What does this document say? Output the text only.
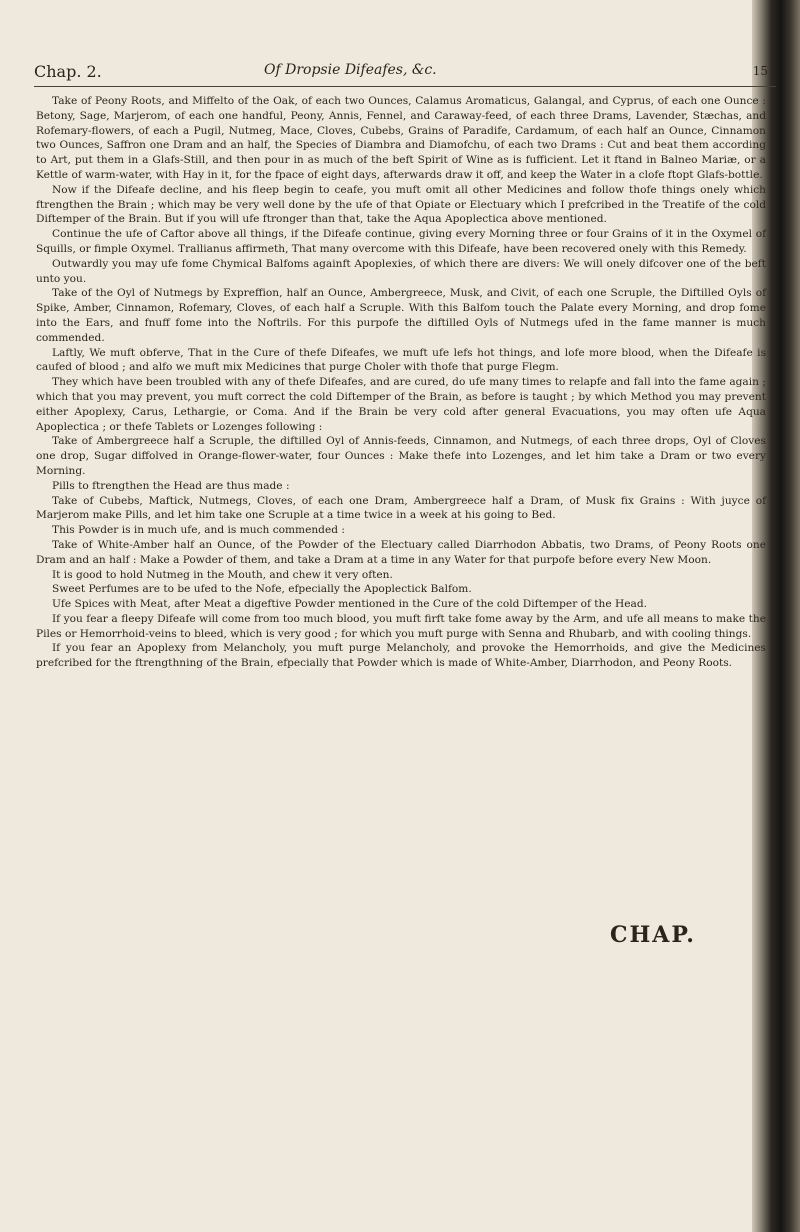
Chap. 2.	Of Dropsie Difeafes, &c.	15

Take of Peony Roots, and Miffelto of the Oak, of each two Ounces, Calamus Aromaticus, Galangal, and Cyprus, of each one Ounce : Betony, Sage, Marjerom, of each one handful, Peony, Annis, Fennel, and Caraway-feed, of each three Drams, Lavender, Stæchas, and Rofemary-flowers, of each a Pugil, Nutmeg, Mace, Cloves, Cubebs, Grains of Paradife, Cardamum, of each half an Ounce, Cinnamon two Ounces, Saffron one Dram and an half, the Species of Diambra and Diamofchu, of each two Drams : Cut and beat them according to Art, put them in a Glafs-Still, and then pour in as much of the beft Spirit of Wine as is fufficient. Let it ftand in Balneo Mariæ, or a Kettle of warm-water, with Hay in it, for the fpace of eight days, afterwards draw it off, and keep the Water in a clofe ftopt Glafs-bottle.

Now if the Difeafe decline, and his fleep begin to ceafe, you muft omit all other Medicines and follow thofe things onely which ftrengthen the Brain ; which may be very well done by the ufe of that Opiate or Electuary which I prefcribed in the Treatife of the cold Diftemper of the Brain. But if you will ufe ftronger than that, take the Aqua Apoplectica above mentioned.

Continue the ufe of Caftor above all things, if the Difeafe continue, giving every Morning three or four Grains of it in the Oxymel of Squills, or fimple Oxymel. Trallianus affirmeth, That many overcome with this Difeafe, have been recovered onely with this Remedy.

Outwardly you may ufe fome Chymical Balfoms againft Apoplexies, of which there are divers: We will onely difcover one of the beft unto you.

Take of the Oyl of Nutmegs by Expreffion, half an Ounce, Ambergreece, Musk, and Civit, of each one Scruple, the Diftilled Oyls of Spike, Amber, Cinnamon, Rofemary, Cloves, of each half a Scruple. With this Balfom touch the Palate every Morning, and drop fome into the Ears, and fnuff fome into the Noftrils. For this purpofe the diftilled Oyls of Nutmegs ufed in the fame manner is much commended.

Laftly, We muft obferve, That in the Cure of thefe Difeafes, we muft ufe lefs hot things, and lofe more blood, when the Difeafe is caufed of blood ; and alfo we muft mix Medicines that purge Choler with thofe that purge Flegm.

They which have been troubled with any of thefe Difeafes, and are cured, do ufe many times to relapfe and fall into the fame again ; which that you may prevent, you muft correct the cold Diftemper of the Brain, as before is taught ; by which Method you may prevent either Apoplexy, Carus, Lethargie, or Coma. And if the Brain be very cold after general Evacuations, you may often ufe Aqua Apoplectica ; or thefe Tablets or Lozenges following :

Take of Ambergreece half a Scruple, the diftilled Oyl of Annis-feeds, Cinnamon, and Nutmegs, of each three drops, Oyl of Cloves one drop, Sugar diffolved in Orange-flower-water, four Ounces : Make thefe into Lozenges, and let him take a Dram or two every Morning.

Pills to ftrengthen the Head are thus made :

Take of Cubebs, Maftick, Nutmegs, Cloves, of each one Dram, Ambergreece half a Dram, of Musk fix Grains : With juyce of Marjerom make Pills, and let him take one Scruple at a time twice in a week at his going to Bed.

This Powder is in much ufe, and is much commended :

Take of White-Amber half an Ounce, of the Powder of the Electuary called Diarrhodon Abbatis, two Drams, of Peony Roots one Dram and an half : Make a Powder of them, and take a Dram at a time in any Water for that purpofe before every New Moon.

It is good to hold Nutmeg in the Mouth, and chew it very often.

Sweet Perfumes are to be ufed to the Nofe, efpecially the Apoplectick Balfom.

Ufe Spices with Meat, after Meat a digeftive Powder mentioned in the Cure of the cold Diftemper of the Head.

If you fear a fleepy Difeafe will come from too much blood, you muft firft take fome away by the Arm, and ufe all means to make the Piles or Hemorrhoid-veins to bleed, which is very good ; for which you muft purge with Senna and Rhubarb, and with cooling things.

If you fear an Apoplexy from Melancholy, you muft purge Melancholy, and provoke the Hemorrhoids, and give the Medicines prefcribed for the ftrengthning of the Brain, efpecially that Powder which is made of White-Amber, Diarrhodon, and Peony Roots.

CHAP.
